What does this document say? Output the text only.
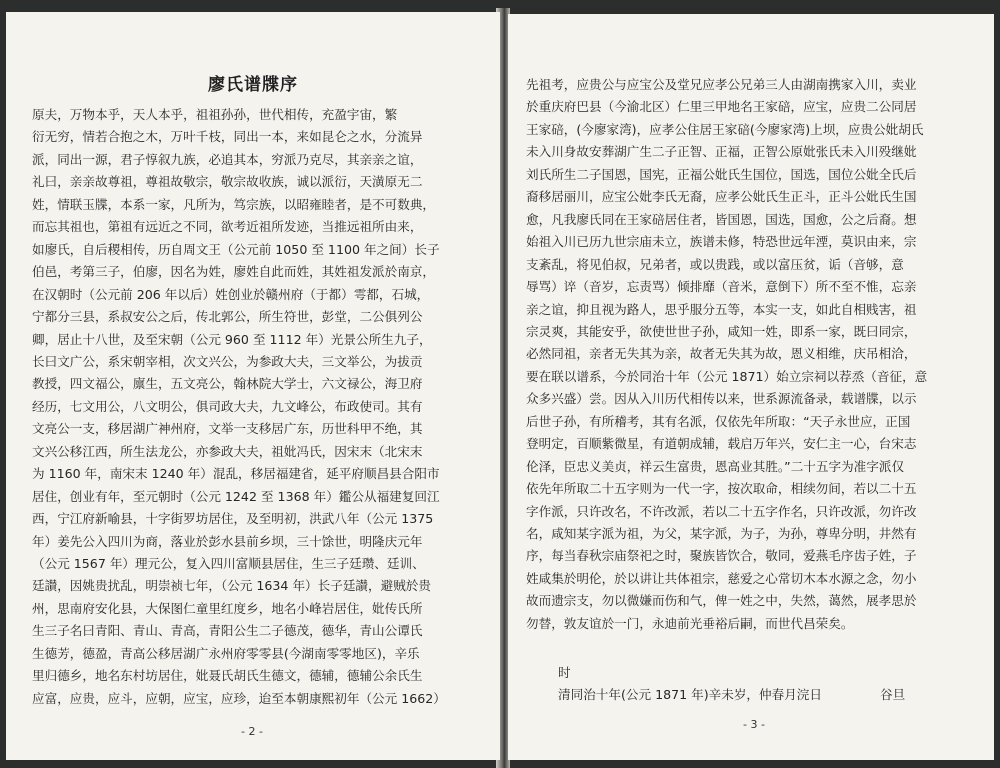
廖氏谱牒序
原夫，万物本乎，天人本乎，祖祖孙孙，世代相传，充盈宇宙，繁
衍无穷，情若合抱之木，万叶千枝，同出一本，来如昆仑之水，分流异
派，同出一源，君子惇叙九族，必追其本，穷派乃克尽，其亲亲之谊，
礼曰，亲亲故尊祖，尊祖故敬宗，敬宗故收族，诚以派衍，天潢原无二
姓，情联玉牒，本系一家，凡所为，笃宗族，以昭雍睦者，是不可数典，
而忘其祖也，第祖有远近之不同，欲考近祖所发迹，当推远祖所由来，
如廖氏，自后稷相传，历自周文王（公元前 1050 至 1100 年之间）长子
伯邑，考第三子，伯廖，因名为姓，廖姓自此而姓，其姓祖发派於南京，
在汉朝时（公元前 206 年以后）姓创业於赣州府（于都）雩都，石城，
宁都分三县，系叔安公之后，传北郭公，所生符世，彭堂，二公俱列公
卿，居止十八世，及至宋朝（公元 960 至 1112 年）光景公所生九子，
长曰文广公，系宋朝宰相，次文兴公，为参政大夫，三文举公，为拔贡
教授，四文福公，廪生，五文亮公，翰林院大学士，六文禄公，海卫府
经历，七文用公，八文明公，俱司政大夫，九文峰公，布政使司。其有
文亮公一支，移居湖广神州府，文举一支移居广东，历世科甲不绝，其
文兴公移江西，所生法龙公，亦参政大夫，祖妣冯氏，因宋末（北宋末
为 1160 年，南宋末 1240 年）混乱，移居福建省，延平府顺昌县合阳市
居住，创业有年，至元朝时（公元 1242 至 1368 年）鑑公从福建复回江
西，宁江府新喻县，十字街罗坊居住，及至明初，洪武八年（公元 1375
年）姜先公入四川为商，落业於彭水县前乡坝，三十馀世，明隆庆元年
（公元 1567 年）理元公，复入四川富顺县居住，生三子廷瓒、廷训、
廷讃，因姚贵扰乱，明崇祯七年，（公元 1634 年）长子廷讃，避贼於贵
州，思南府安化县，大保图仁童里红度乡，地名小峰岩居住，妣传氏所
生三子名曰青阳、青山、青高，青阳公生二子德茂，德华，青山公谭氏
生德芳，德盈，青高公移居湖广永州府零零县(今湖南零零地区)，辛乐
里归德乡，地名东村坊居住，妣聂氏胡氏生德文，德辅，德辅公余氏生
应富，应贵，应斗，应朝，应宝，应珍，迨至本朝康熙初年（公元 1662）
- 2 -
先祖考，应贵公与应宝公及堂兄应孝公兄弟三人由湖南携家入川，卖业
於重庆府巴县（今渝北区）仁里三甲地名王家碚，应宝，应贵二公同居
王家碚，(今廖家湾)，应孝公住居王家碚(今廖家湾)上坝，应贵公妣胡氏
未入川身故安葬湖广生二子正智、正福，正智公原妣张氏未入川殁继妣
刘氏所生二子国恩，国宪，正福公妣氏生国位，国选，国位公妣全氏后
裔移居丽川，应宝公妣李氏无裔，应孝公妣氏生正斗，正斗公妣氏生国
愈，凡我廖氏同在王家碚居住者，皆国恩，国选，国愈，公之后裔。想
始祖入川已历九世宗庙未立，族谱未修，特恐世远年湮，莫识由来，宗
支紊乱，将见伯叔，兄弟者，或以贵践，或以富压贫，诟（音够，意
辱骂）谇（音岁，忘责骂）倾排靡（音米，意倒下）所不至不惟，忘亲
亲之谊，抑且视为路人，思乎服分五等，本实一支，如此自相贱害，祖
宗灵爽，其能安乎，欲使世世子孙，咸知一姓，即系一家，既曰同宗，
必然同祖，亲者无失其为亲，故者无失其为故，恩义相维，庆吊相洽，
要在联以谱系，今於同治十年（公元 1871）始立宗祠以荐烝（音征，意
众多兴盛）尝。因从入川历代相传以来，世系源流备录，载谱牒，以示
后世子孙，有所稽考，其有名派，仅依先年所取：“天子永世应，正国
登明定，百顺紫微星，有道朝成辅，载启万年兴，安仁主一心，台宋志
伦泽，臣忠义美贞，祥云生富贵，恩高业其胜。”二十五字为准字派仅
依先年所取二十五字则为一代一字，按次取命，相续勿间，若以二十五
字作派，只许改名，不许改派，若以二十五字作名，只许改派，勿许改
名，咸知某字派为祖，为父，某字派，为子，为孙，尊卑分明，井然有
序，每当春秋宗庙祭祀之时，聚族皆饮合，敬同，爱燕毛序齿子姓，子
姓咸集於明伦，於以讲让共体祖宗，慈爱之心常切木本水源之念，勿小
故而遗宗支，勿以微嫌而伤和气，俾一姓之中，失然，蔼然，展孝思於
勿替，敦友谊於一门，永迪前光垂裕后嗣，而世代昌荣矣。
时
清同治十年(公元 1871 年)辛未岁，仲春月浣日	谷旦
- 3 -
